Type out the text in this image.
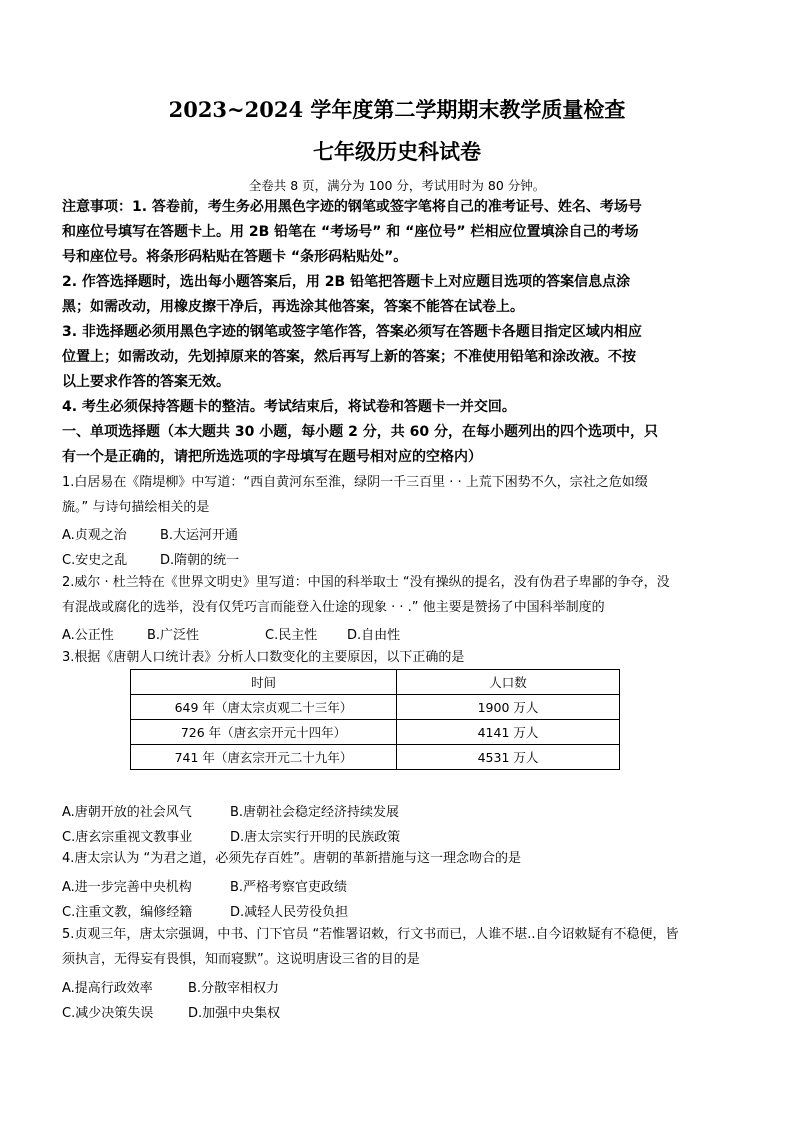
2023~2024 学年度第二学期期末教学质量检查
七年级历史科试卷
全卷共 8 页，满分为 100 分，考试用时为 80 分钟。

注意事项：1. 答卷前，考生务必用黑色字迹的钢笔或签字笔将自己的准考证号、姓名、考场号

和座位号填写在答题卡上。用 2B 铅笔在 “考场号” 和 “座位号” 栏相应位置填涂自己的考场

号和座位号。将条形码粘贴在答题卡 “条形码粘贴处”。

2. 作答选择题时，选出每小题答案后，用 2B 铅笔把答题卡上对应题目选项的答案信息点涂

黑；如需改动，用橡皮擦干净后，再选涂其他答案，答案不能答在试卷上。

3. 非选择题必须用黑色字迹的钢笔或签字笔作答，答案必须写在答题卡各题目指定区域内相应

位置上；如需改动，先划掉原来的答案，然后再写上新的答案；不准使用铅笔和涂改液。不按

以上要求作答的答案无效。

4. 考生必须保持答题卡的整洁。考试结束后，将试卷和答题卡一并交回。

一、单项选择题（本大题共 30 小题，每小题 2 分，共 60 分，在每小题列出的四个选项中，只

有一个是正确的，请把所选选项的字母填写在题号相对应的空格内）

1.白居易在《隋堤柳》中写道：“西自黄河东至淮，绿阴一千三百里 · · 上荒下困势不久，宗社之危如缀

旒。” 与诗句描绘相关的是

A.贞观之治	B.大运河开通
C.安史之乱	D.隋朝的统一

2.威尔 · 杜兰特在《世界文明史》里写道：中国的科举取士 “没有操纵的提名，没有伪君子卑鄙的争夺，没

有混战或腐化的选举，没有仅凭巧言而能登入仕途的现象 · · .” 他主要是赞扬了中国科举制度的

A.公正性	B.广泛性	C.民主性 D.自由性

3.根据《唐朝人口统计表》分析人口数变化的主要原因，以下正确的是

时间	人口数
649 年（唐太宗贞观二十三年）	1900 万人
726 年（唐玄宗开元十四年）	4141 万人
741 年（唐玄宗开元二十九年）	4531 万人
A.唐朝开放的社会风气	B.唐朝社会稳定经济持续发展
C.唐玄宗重视文教事业	D.唐太宗实行开明的民族政策

4.唐太宗认为 “为君之道，必须先存百姓”。唐朝的革新措施与这一理念吻合的是

A.进一步完善中央机构	B.严格考察官吏政绩
C.注重文教，编修经籍	D.减轻人民劳役负担

5.贞观三年，唐太宗强调，中书、门下官员 “若惟署诏敕，行文书而已，人谁不堪..自今诏敕疑有不稳便，皆

须执言，无得妄有畏惧，知而寝默”。这说明唐设三省的目的是

A.提高行政效率	B.分散宰相权力
C.减少决策失误	D.加强中央集权
